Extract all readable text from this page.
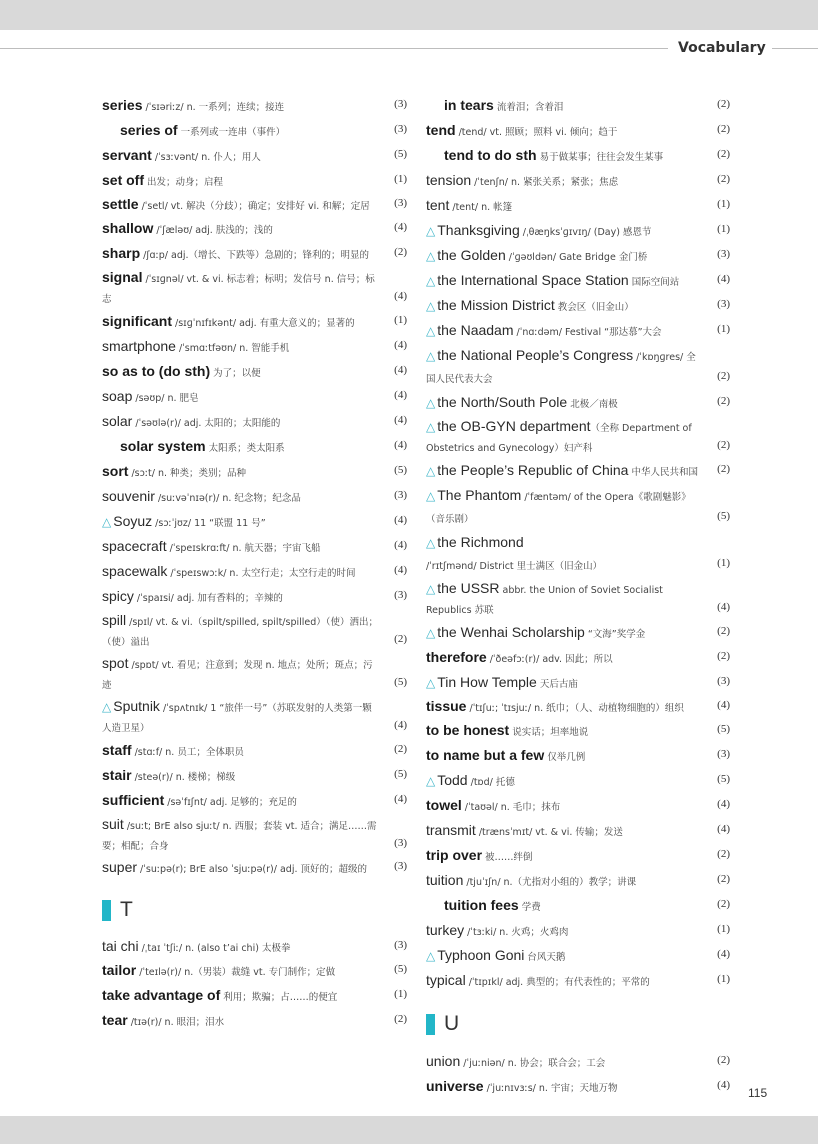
Vocabulary
series /ˈsɪəriːz/ n. 一系列；连续；接连	(3)
series of 一系列或一连串（事件）	(3)
servant /ˈsɜːvənt/ n. 仆人；用人	(5)
set off 出发；动身；启程	(1)
settle /ˈsetl/ vt. 解决（分歧）；确定；安排好 vi. 和解；定居 (3)
shallow /ˈʃæləʊ/ adj. 肤浅的；浅的	(4)
sharp /ʃɑːp/ adj.（增长、下跌等）急剧的；锋利的；明显的 (2)
signal /ˈsɪɡnəl/ vt. & vi. 标志着；标明；发信号 n. 信号；标志	(4)
significant /sɪɡˈnɪfɪkənt/ adj. 有重大意义的；显著的	(1)
smartphone /ˈsmɑːtfəʊn/ n. 智能手机	(4)
so as to (do sth) 为了；以便	(4)
soap /səʊp/ n. 肥皂	(4)
solar /ˈsəʊlə(r)/ adj. 太阳的；太阳能的	(4)
solar system 太阳系；类太阳系	(4)
sort /sɔːt/ n. 种类；类别；品种	(5)
souvenir /suːvəˈnɪə(r)/ n. 纪念物；纪念品	(3)
△ Soyuz /sɔːˈjʊz/ 11 “联盟 11 号”	(4)
spacecraft /ˈspeɪskrɑːft/ n. 航天器；宇宙飞船	(4)
spacewalk /ˈspeɪswɔːk/ n. 太空行走；太空行走的时间	(4)
spicy /ˈspaɪsi/ adj. 加有香料的；辛辣的	(3)
spill /spɪl/ vt. & vi.（spilt/spilled, spilt/spilled）（使）洒出；（使）溢出	(2)
spot /spɒt/ vt. 看见；注意到；发现 n. 地点；处所；斑点；污迹	(5)
△ Sputnik /ˈspʌtnɪk/ 1 “旅伴一号”（苏联发射的人类第一颗人造卫星）	(4)
staff /stɑːf/ n. 员工；全体职员	(2)
stair /steə(r)/ n. 楼梯；梯级	(5)
sufficient /səˈfɪʃnt/ adj. 足够的；充足的	(4)
suit /suːt; BrE also sjuːt/ n. 西服；套装 vt. 适合；满足……需要；相配；合身	(3)
super /ˈsuːpə(r); BrE also ˈsjuːpə(r)/ adj. 顶好的；超级的 (3)
T
tai chi /ˌtaɪ ˈtʃiː/ n. (also t’ai chi) 太极拳	(3)
tailor /ˈteɪlə(r)/ n.（男装）裁缝 vt. 专门制作；定做	(5)
take advantage of 利用；欺骗；占……的便宜	(1)
tear /tɪə(r)/ n. 眼泪；泪水	(2)
in tears 流着泪；含着泪	(2)
tend /tend/ vt. 照顾；照料 vi. 倾向；趋于	(2)
tend to do sth 易于做某事；往往会发生某事	(2)
tension /ˈtenʃn/ n. 紧张关系；紧张；焦虑	(2)
tent /tent/ n. 帐篷	(1)
△ Thanksgiving /ˌθæŋksˈɡɪvɪŋ/ (Day) 感恩节	(1)
△ the Golden /ˈɡəʊldən/ Gate Bridge 金门桥	(3)
△ the International Space Station 国际空间站	(4)
△ the Mission District 教会区（旧金山）	(3)
△ the Naadam /ˈnɑːdəm/ Festival “那达慕”大会	(1)
△ the National People’s Congress /ˈkɒŋɡres/ 全国人民代表大会	(2)
△ the North/South Pole 北极／南极	(2)
△ the OB-GYN department（全称 Department of Obstetrics and Gynecology）妇产科	(2)
△ the People’s Republic of China 中华人民共和国 (2)
△ The Phantom /ˈfæntəm/ of the Opera《歌剧魅影》（音乐剧）	(5)
△ the Richmond /ˈrɪtʃmənd/ District 里士满区（旧金山）	(1)
△ the USSR abbr. the Union of Soviet Socialist Republics 苏联	(4)
△ the Wenhai Scholarship “文海”奖学金	(2)
therefore /ˈðeəfɔː(r)/ adv. 因此；所以	(2)
△ Tin How Temple 天后古庙	(3)
tissue /ˈtɪʃuː; ˈtɪsjuː/ n. 纸巾；（人、动植物细胞的）组织	(4)
to be honest 说实话；坦率地说	(5)
to name but a few 仅举几例	(3)
△ Todd /tɒd/ 托德	(5)
towel /ˈtaʊəl/ n. 毛巾；抹布	(4)
transmit /trænsˈmɪt/ vt. & vi. 传输；发送	(4)
trip over 被……绊倒	(2)
tuition /tjuˈɪʃn/ n.（尤指对小组的）教学；讲课	(2)
tuition fees 学费	(2)
turkey /ˈtɜːki/ n. 火鸡；火鸡肉	(1)
△ Typhoon Goni 台风天鹅	(4)
typical /ˈtɪpɪkl/ adj. 典型的；有代表性的；平常的	(1)
U
union /ˈjuːniən/ n. 协会；联合会；工会	(2)
universe /ˈjuːnɪvɜːs/ n. 宇宙；天地万物	(4)
115
